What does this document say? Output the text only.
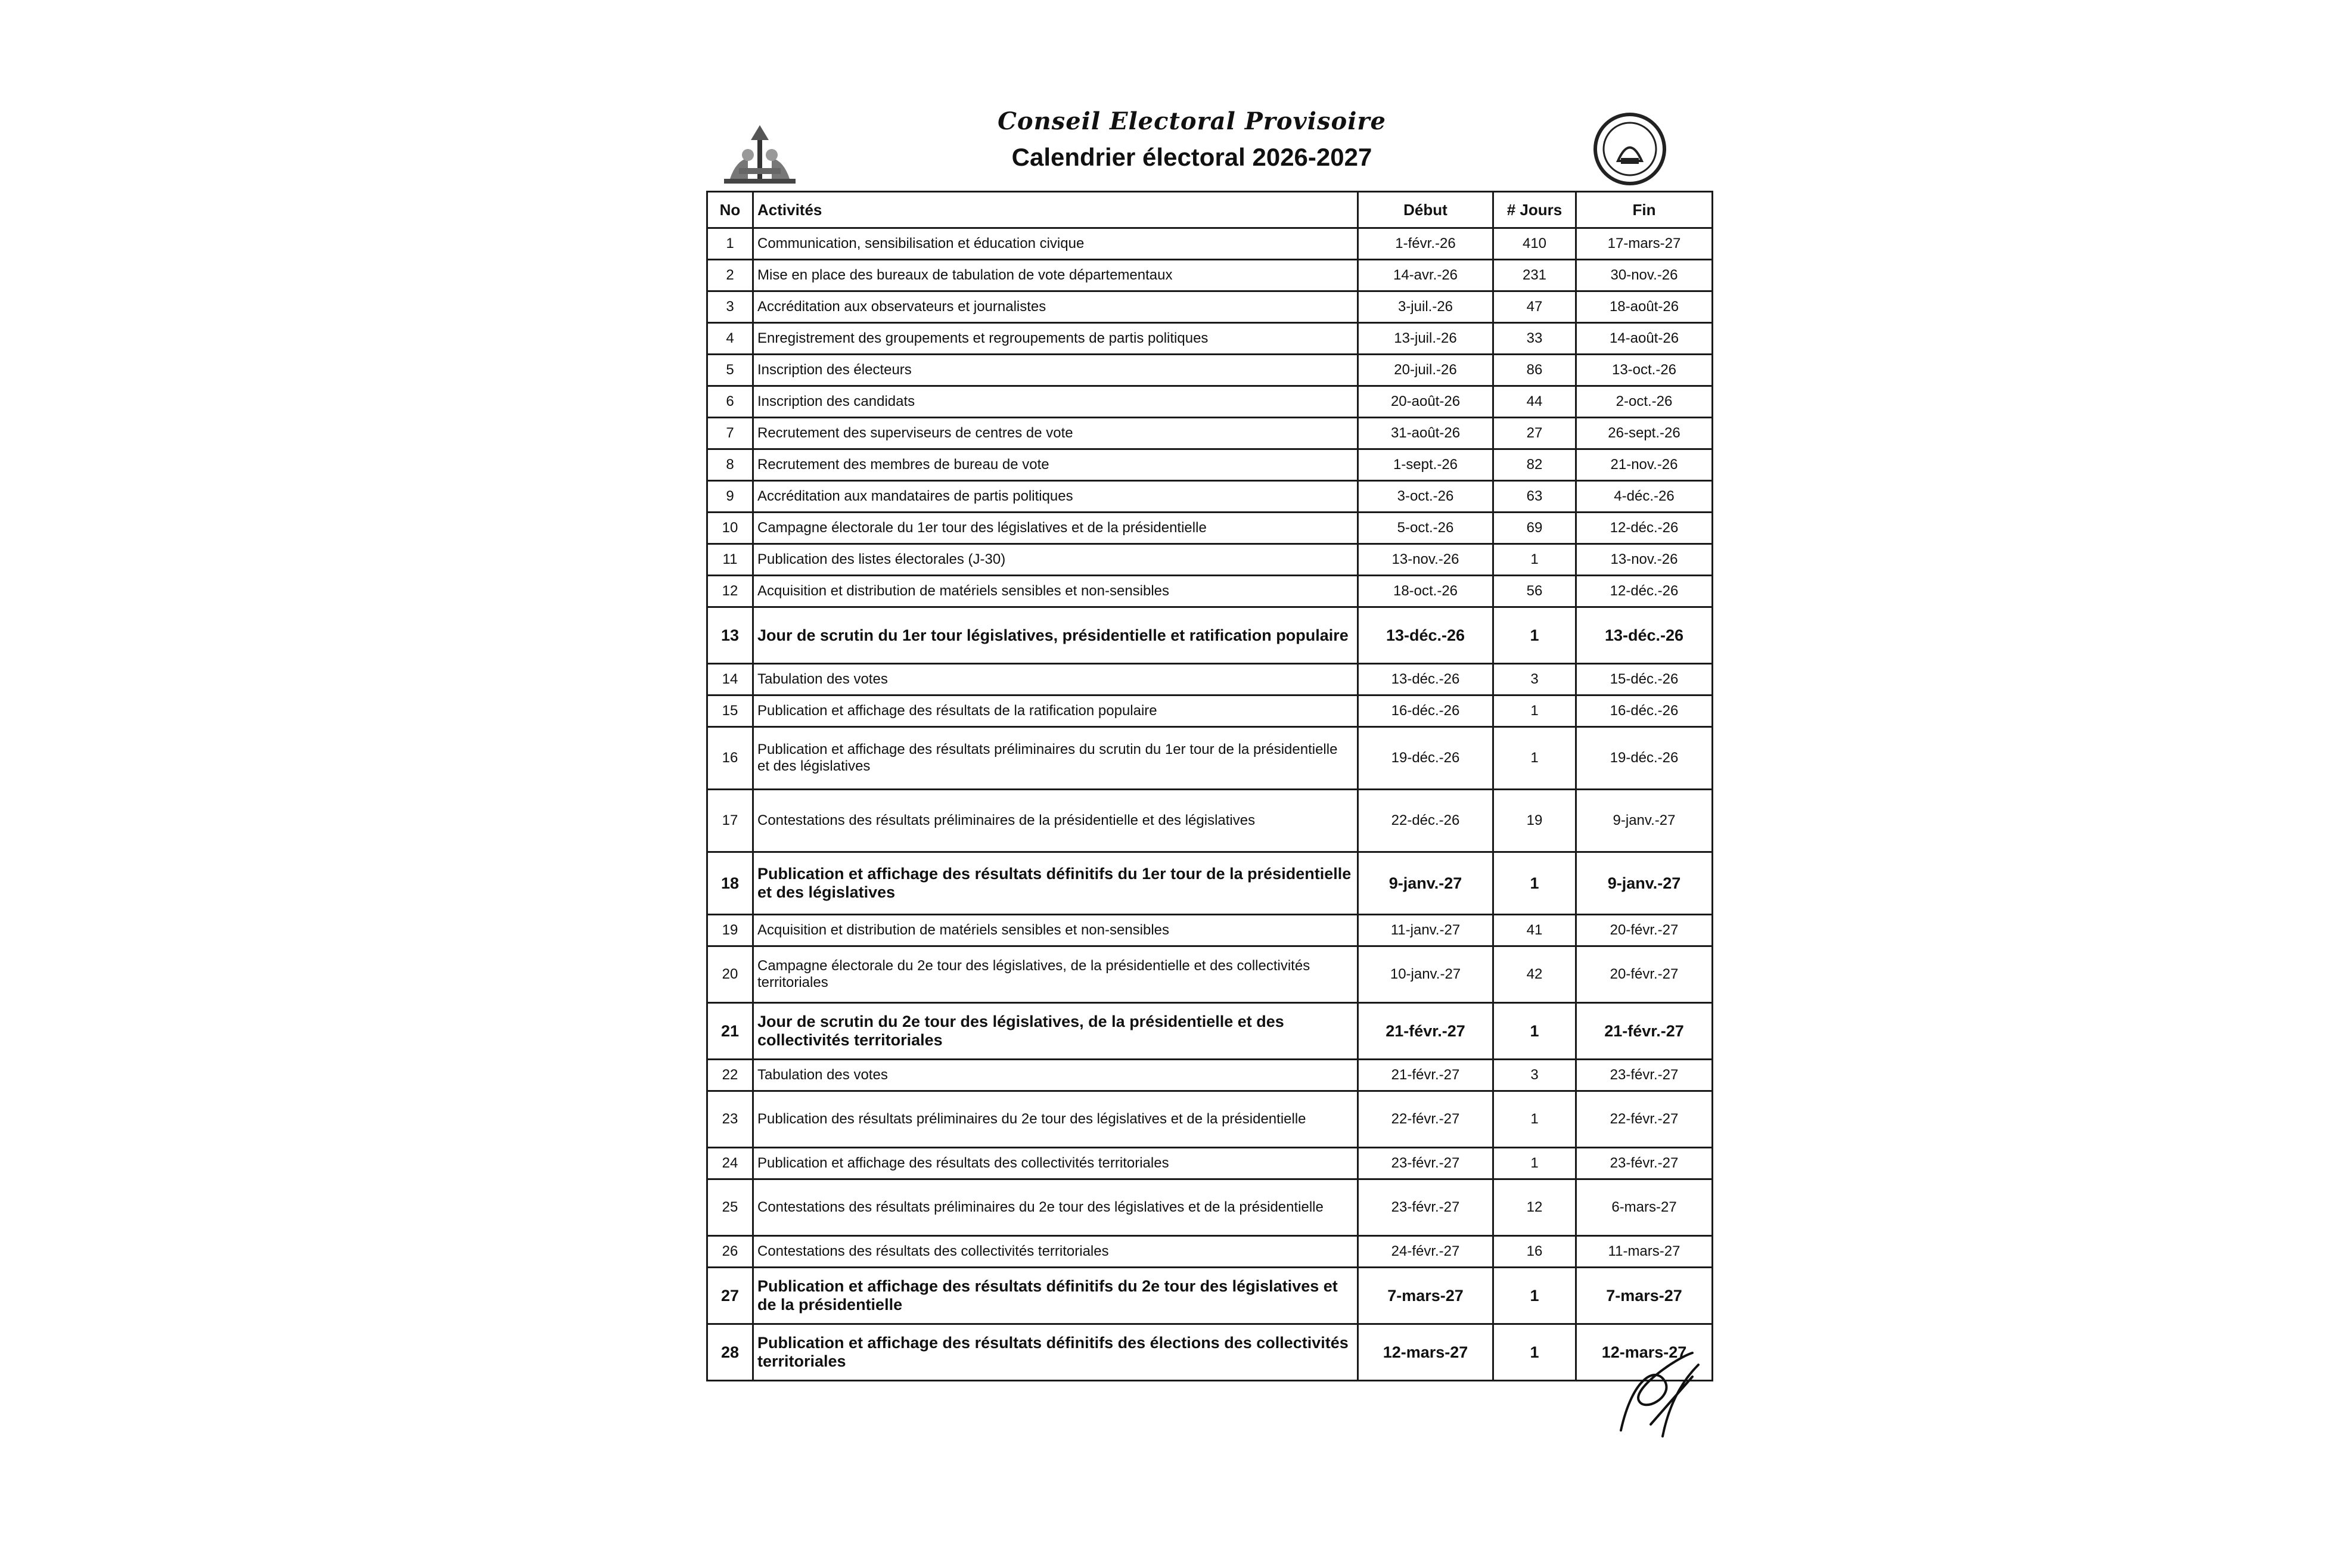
Conseil Electoral Provisoire
Calendrier électoral 2026-2027
No	Activités	Début	# Jours	Fin
1	Communication, sensibilisation et éducation civique	1-févr.-26	410	17-mars-27
2	Mise en place des bureaux de tabulation de vote départementaux	14-avr.-26	231	30-nov.-26
3	Accréditation aux observateurs et journalistes	3-juil.-26	47	18-août-26
4	Enregistrement des groupements et regroupements de partis politiques	13-juil.-26	33	14-août-26
5	Inscription des électeurs	20-juil.-26	86	13-oct.-26
6	Inscription des candidats	20-août-26	44	2-oct.-26
7	Recrutement des superviseurs de centres de vote	31-août-26	27	26-sept.-26
8	Recrutement des membres de bureau de vote	1-sept.-26	82	21-nov.-26
9	Accréditation aux mandataires de partis politiques	3-oct.-26	63	4-déc.-26
10	Campagne électorale du 1er tour des législatives et de la présidentielle	5-oct.-26	69	12-déc.-26
11	Publication des listes électorales (J-30)	13-nov.-26	1	13-nov.-26
12	Acquisition et distribution de matériels sensibles et non-sensibles	18-oct.-26	56	12-déc.-26
13	Jour de scrutin du 1er tour législatives, présidentielle et ratification populaire	13-déc.-26	1	13-déc.-26
14	Tabulation des votes	13-déc.-26	3	15-déc.-26
15	Publication et affichage des résultats de la ratification populaire	16-déc.-26	1	16-déc.-26
16	Publication et affichage des résultats préliminaires du scrutin du 1er tour de la présidentielle et des législatives	19-déc.-26	1	19-déc.-26
17	Contestations des résultats préliminaires de la présidentielle et des législatives	22-déc.-26	19	9-janv.-27
18	Publication et affichage des résultats définitifs du 1er tour de la présidentielle et des législatives	9-janv.-27	1	9-janv.-27
19	Acquisition et distribution de matériels sensibles et non-sensibles	11-janv.-27	41	20-févr.-27
20	Campagne électorale du 2e tour des législatives, de la présidentielle et des collectivités territoriales	10-janv.-27	42	20-févr.-27
21	Jour de scrutin du 2e tour des législatives, de la présidentielle et des collectivités territoriales	21-févr.-27	1	21-févr.-27
22	Tabulation des votes	21-févr.-27	3	23-févr.-27
23	Publication des résultats préliminaires du 2e tour des législatives et de la présidentielle	22-févr.-27	1	22-févr.-27
24	Publication et affichage des résultats des collectivités territoriales	23-févr.-27	1	23-févr.-27
25	Contestations des résultats préliminaires du 2e tour des législatives et de la présidentielle	23-févr.-27	12	6-mars-27
26	Contestations des résultats des collectivités territoriales	24-févr.-27	16	11-mars-27
27	Publication et affichage des résultats définitifs du 2e tour des législatives et de la présidentielle	7-mars-27	1	7-mars-27
28	Publication et affichage des résultats définitifs des élections des collectivités territoriales	12-mars-27	1	12-mars-27
